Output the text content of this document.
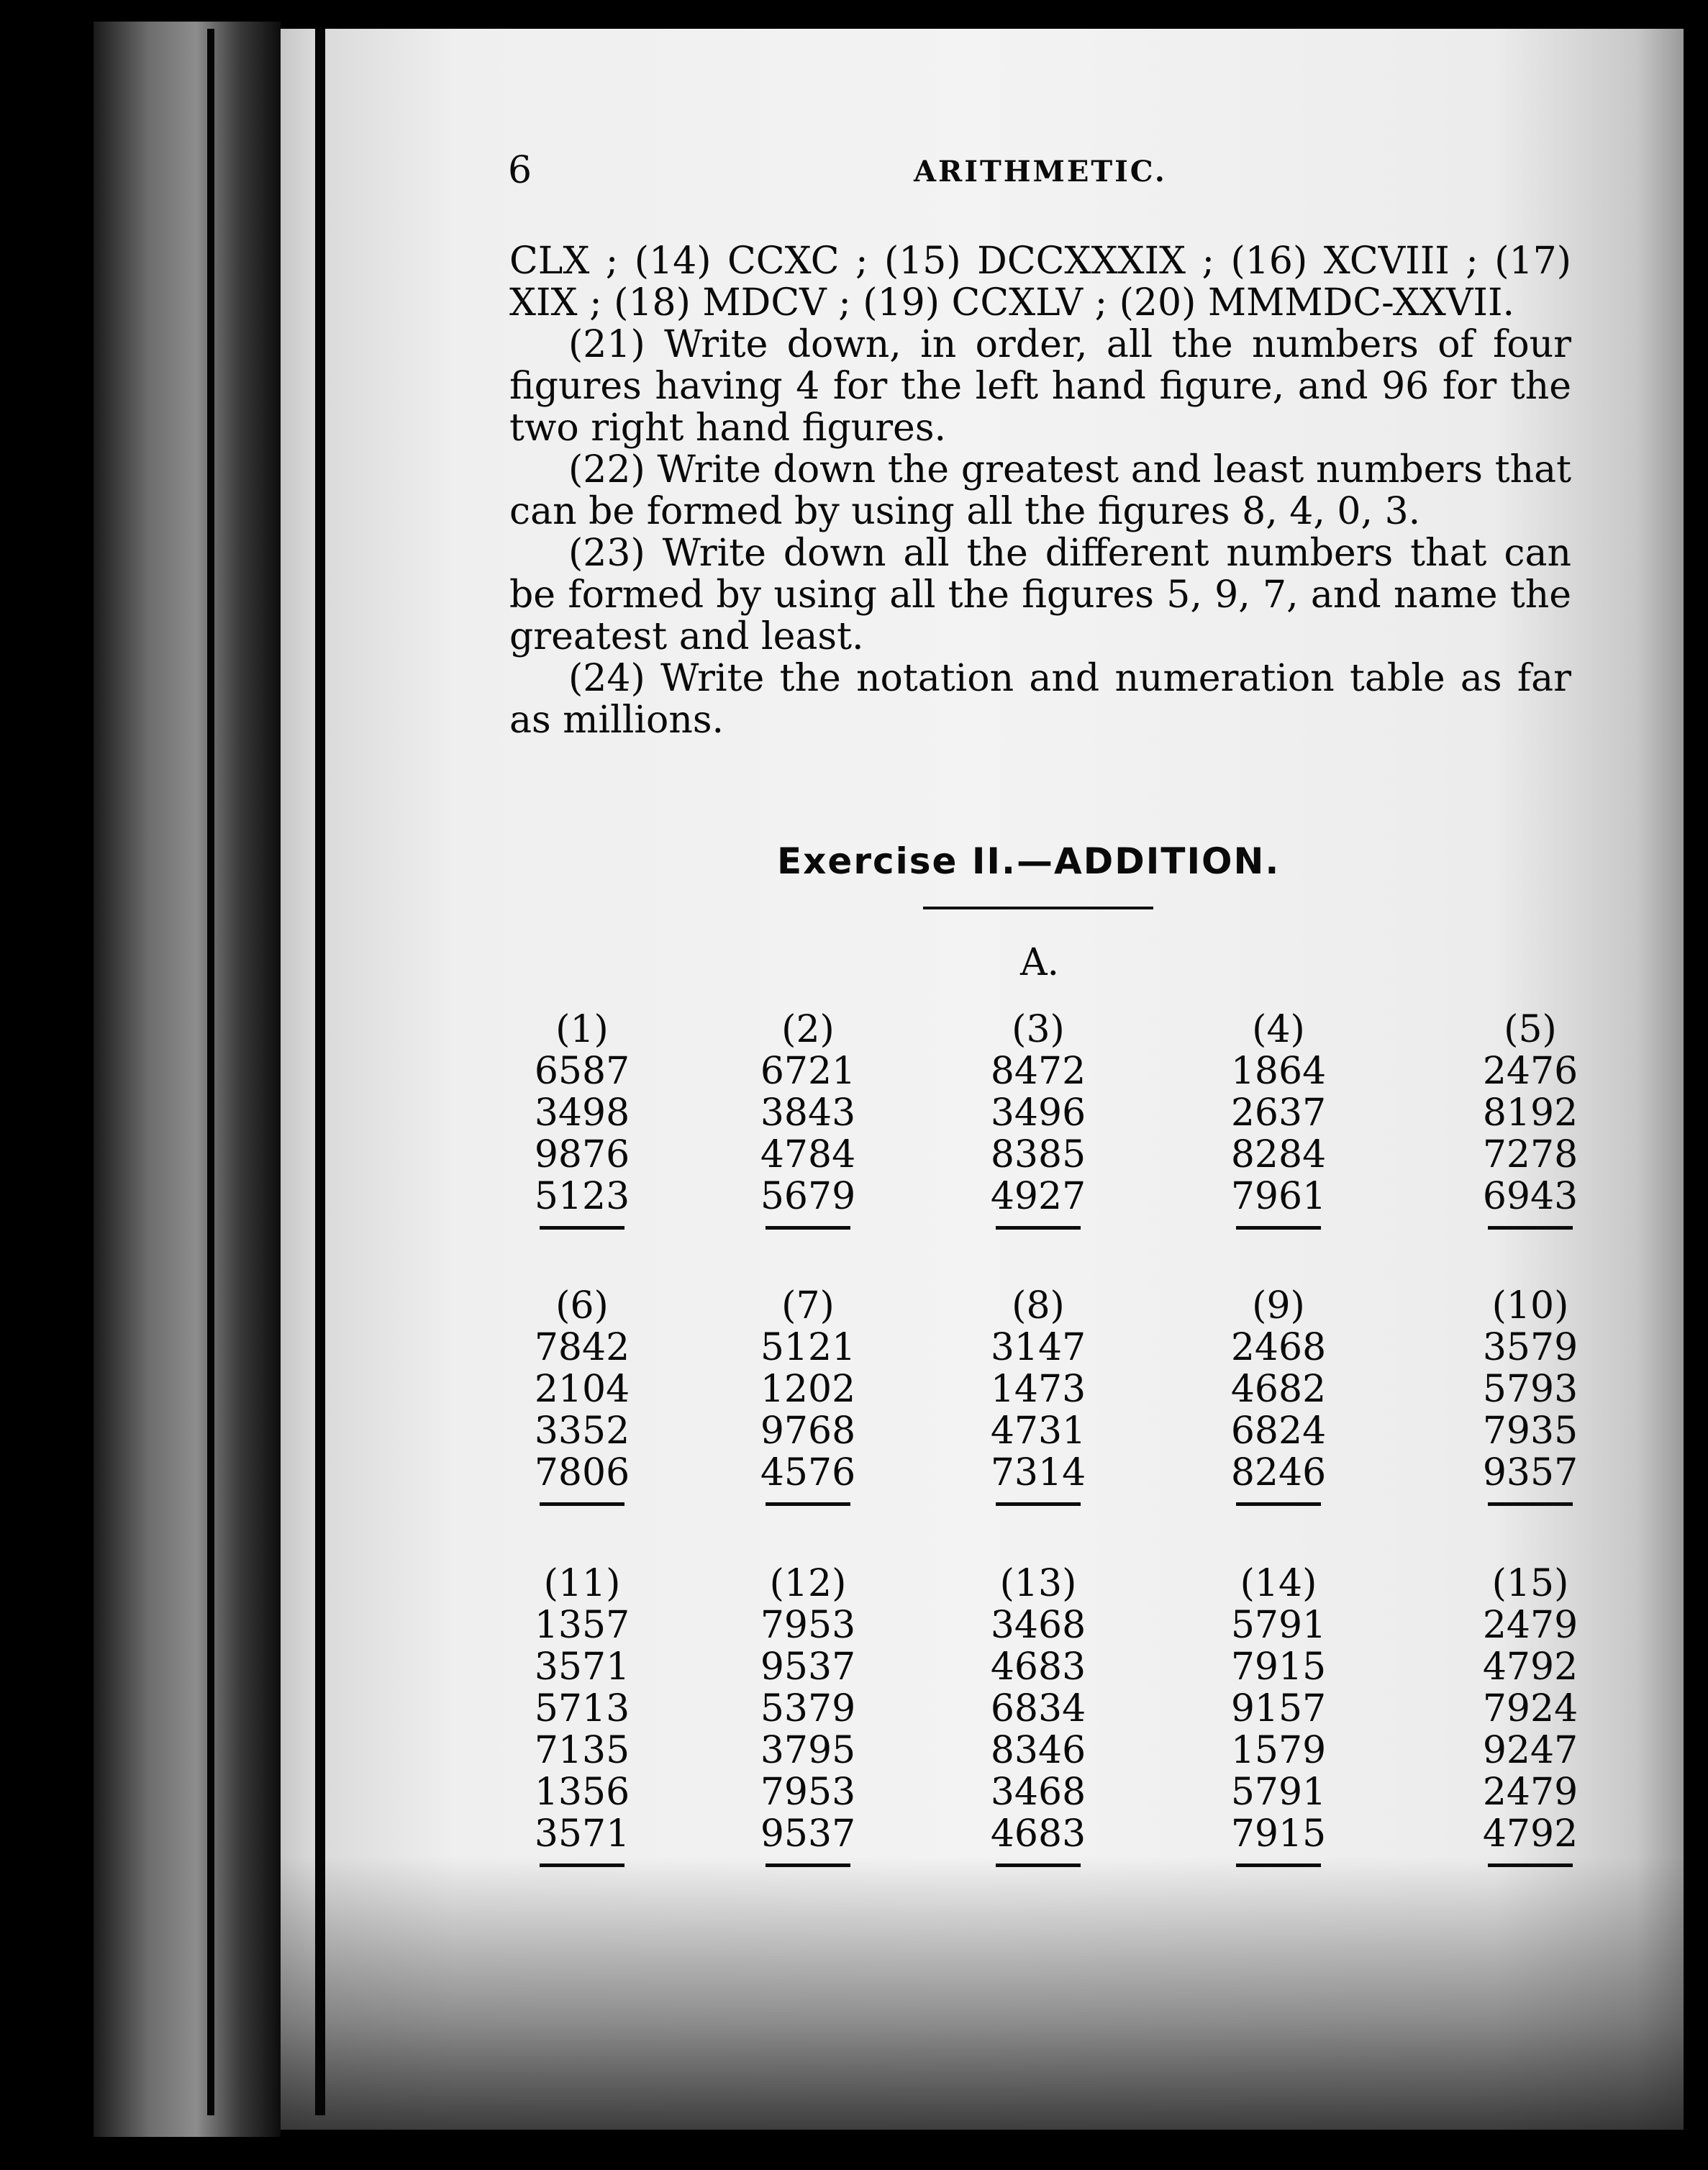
ARITHMETIC.
6

CLX ; (14) CCXC ; (15) DCCXXXIX ; (16) XCVIII ; (17) XIX ; (18) MDCV ; (19) CCXLV ; (20) MMMDC-XXVII.

(21) Write down, in order, all the numbers of four figures having 4 for the left hand figure, and 96 for the two right hand figures.

(22) Write down the greatest and least numbers that can be formed by using all the figures 8, 4, 0, 3.

(23) Write down all the different numbers that can be formed by using all the figures 5, 9, 7, and name the greatest and least.

(24) Write the notation and numeration table as far as millions.

Exercise II.—ADDITION.
A.
(1)
6587
3498
9876
5123
(2)
6721
3843
4784
5679
(3)
8472
3496
8385
4927
(4)
1864
2637
8284
7961
(5)
2476
8192
7278
6943
(6)
7842
2104
3352
7806
(7)
5121
1202
9768
4576
(8)
3147
1473
4731
7314
(9)
2468
4682
6824
8246
(10)
3579
5793
7935
9357
(11)
1357
3571
5713
7135
1356
3571
(12)
7953
9537
5379
3795
7953
9537
(13)
3468
4683
6834
8346
3468
4683
(14)
5791
7915
9157
1579
5791
7915
(15)
2479
4792
7924
9247
2479
4792
